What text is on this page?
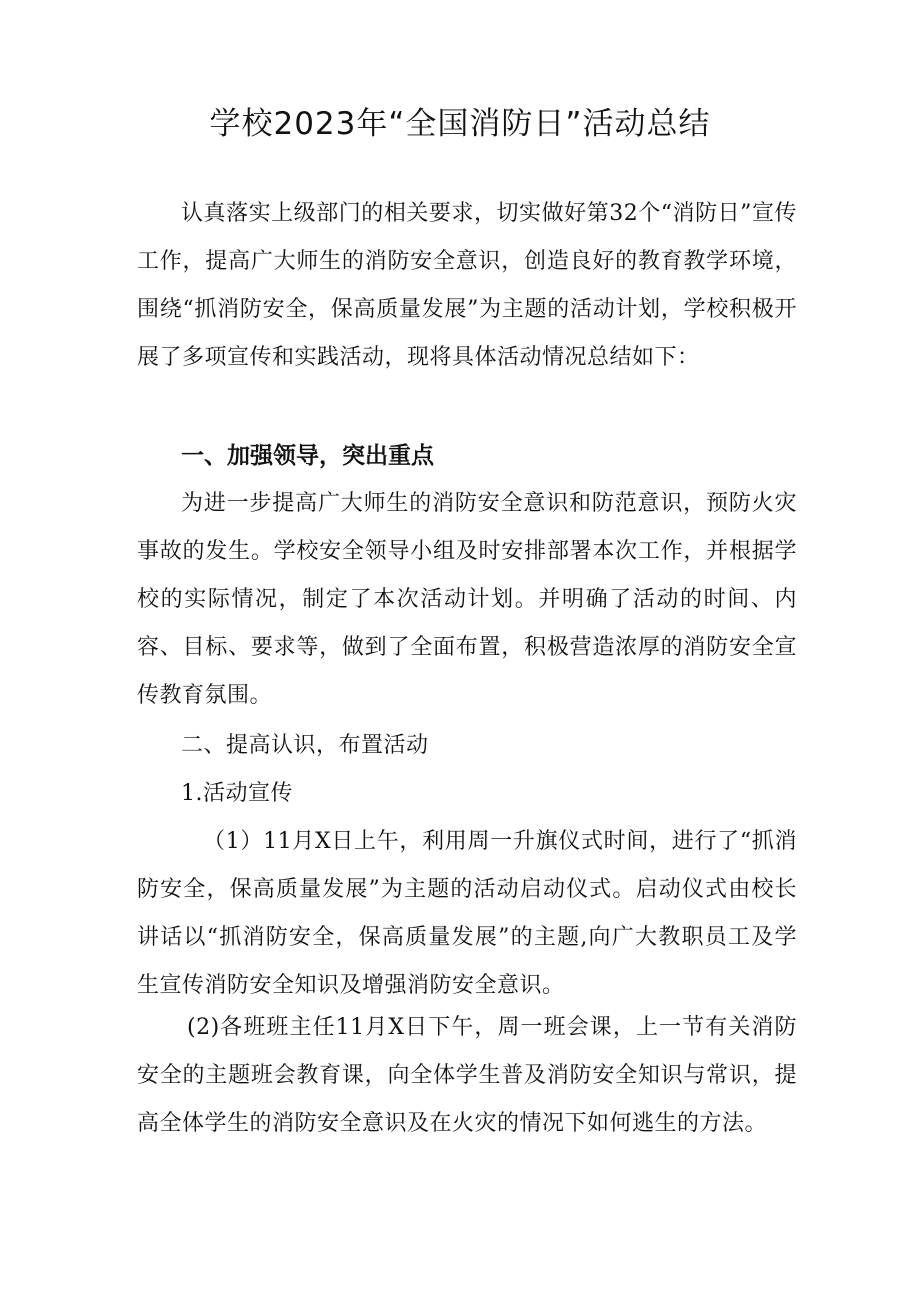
学校2023年“全国消防日”活动总结

认真落实上级部门的相关要求，切实做好第32个“消防日”宣传工作，提高广大师生的消防安全意识，创造良好的教育教学环境，围绕“抓消防安全，保高质量发展”为主题的活动计划，学校积极开展了多项宣传和实践活动，现将具体活动情况总结如下：

一、加强领导，突出重点

为进一步提高广大师生的消防安全意识和防范意识，预防火灾事故的发生。学校安全领导小组及时安排部署本次工作，并根据学校的实际情况，制定了本次活动计划。并明确了活动的时间、内容、目标、要求等，做到了全面布置，积极营造浓厚的消防安全宣传教育氛围。

二、提高认识，布置活动

1.活动宣传

（1）11月X日上午，利用周一升旗仪式时间，进行了“抓消防安全，保高质量发展”为主题的活动启动仪式。启动仪式由校长讲话以“抓消防安全，保高质量发展”的主题,向广大教职员工及学生宣传消防安全知识及增强消防安全意识。

(2)各班班主任11月X日下午，周一班会课，上一节有关消防安全的主题班会教育课，向全体学生普及消防安全知识与常识，提高全体学生的消防安全意识及在火灾的情况下如何逃生的方法。
